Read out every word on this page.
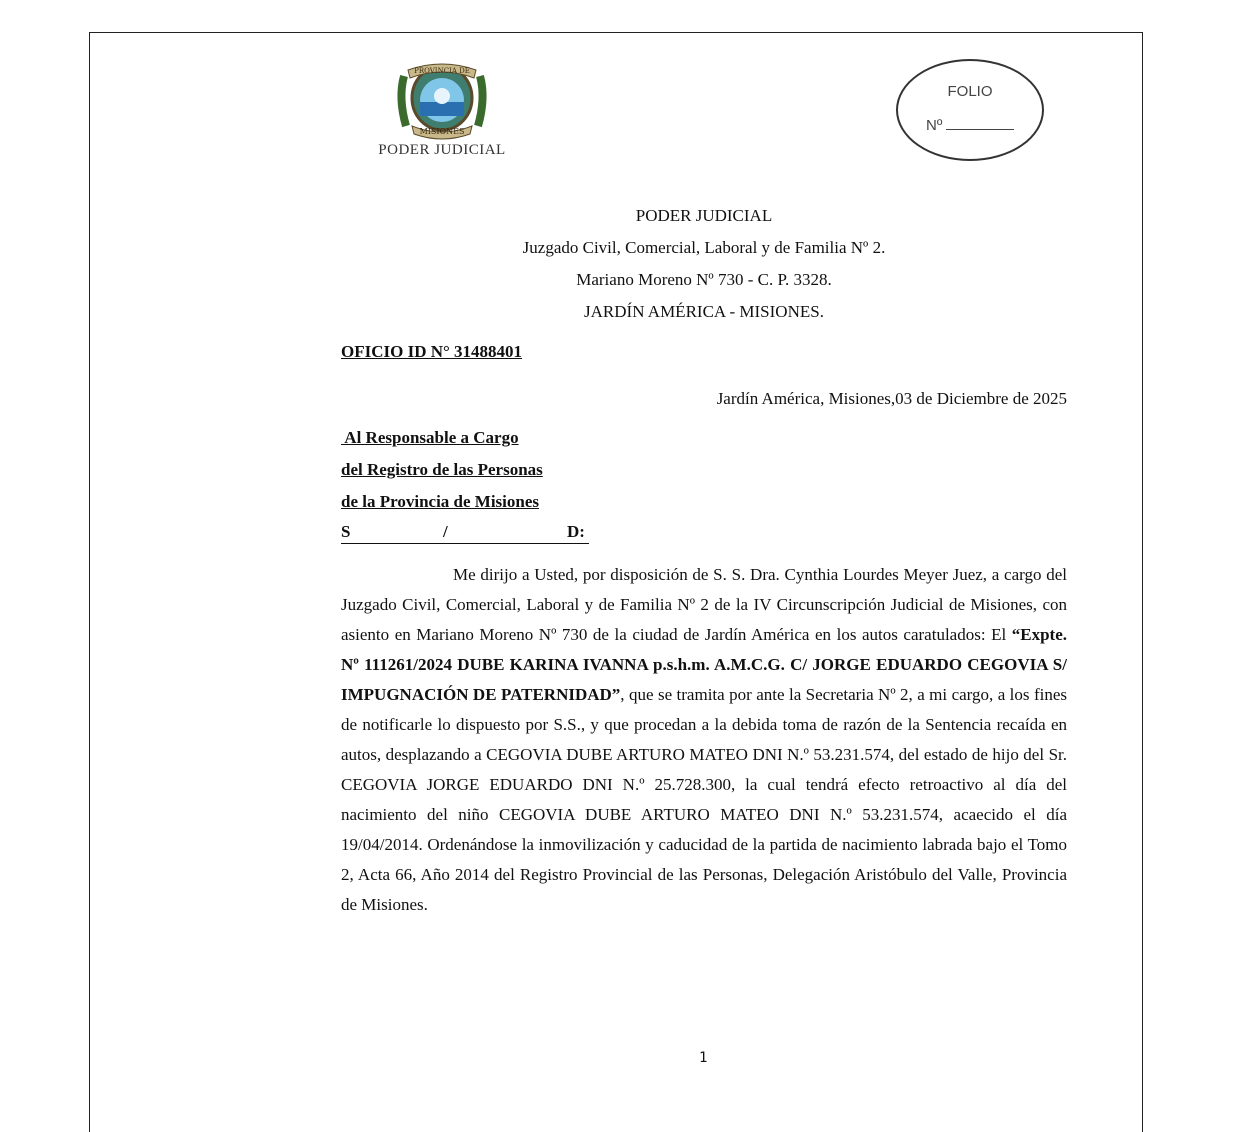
PROVINCIA DE
MISIONES
PODER JUDICIAL
FOLIO
Nº
PODER JUDICIAL
Juzgado Civil, Comercial, Laboral y de Familia Nº 2.
Mariano Moreno Nº 730 - C. P. 3328.
JARDÍN AMÉRICA - MISIONES.
OFICIO ID N° 31488401
Jardín América, Misiones,03 de Diciembre de 2025
Al Responsable a Cargo
del Registro de las Personas
de la Provincia de Misiones
S	/	D:
Me dirijo a Usted, por disposición de S. S. Dra. Cynthia Lourdes Meyer Juez, a cargo del Juzgado Civil, Comercial, Laboral y de Familia Nº 2 de la IV Circunscripción Judicial de Misiones, con asiento en Mariano Moreno Nº 730 de la ciudad de Jardín América en los autos caratulados: El “Expte. Nº 111261/2024 DUBE KARINA IVANNA p.s.h.m. A.M.C.G. C/ JORGE EDUARDO CEGOVIA S/ IMPUGNACIÓN DE PATERNIDAD”, que se tramita por ante la Secretaria Nº 2, a mi cargo, a los fines de notificarle lo dispuesto por S.S., y que procedan a la debida toma de razón de la Sentencia recaída en autos, desplazando a CEGOVIA DUBE ARTURO MATEO DNI N.º 53.231.574, del estado de hijo del Sr. CEGOVIA JORGE EDUARDO DNI N.º 25.728.300, la cual tendrá efecto retroactivo al día del nacimiento del niño CEGOVIA DUBE ARTURO MATEO DNI N.º 53.231.574, acaecido el día 19/04/2014. Ordenándose la inmovilización y caducidad de la partida de nacimiento labrada bajo el Tomo 2, Acta 66, Año 2014 del Registro Provincial de las Personas, Delegación Aristóbulo del Valle, Provincia de Misiones.
1
